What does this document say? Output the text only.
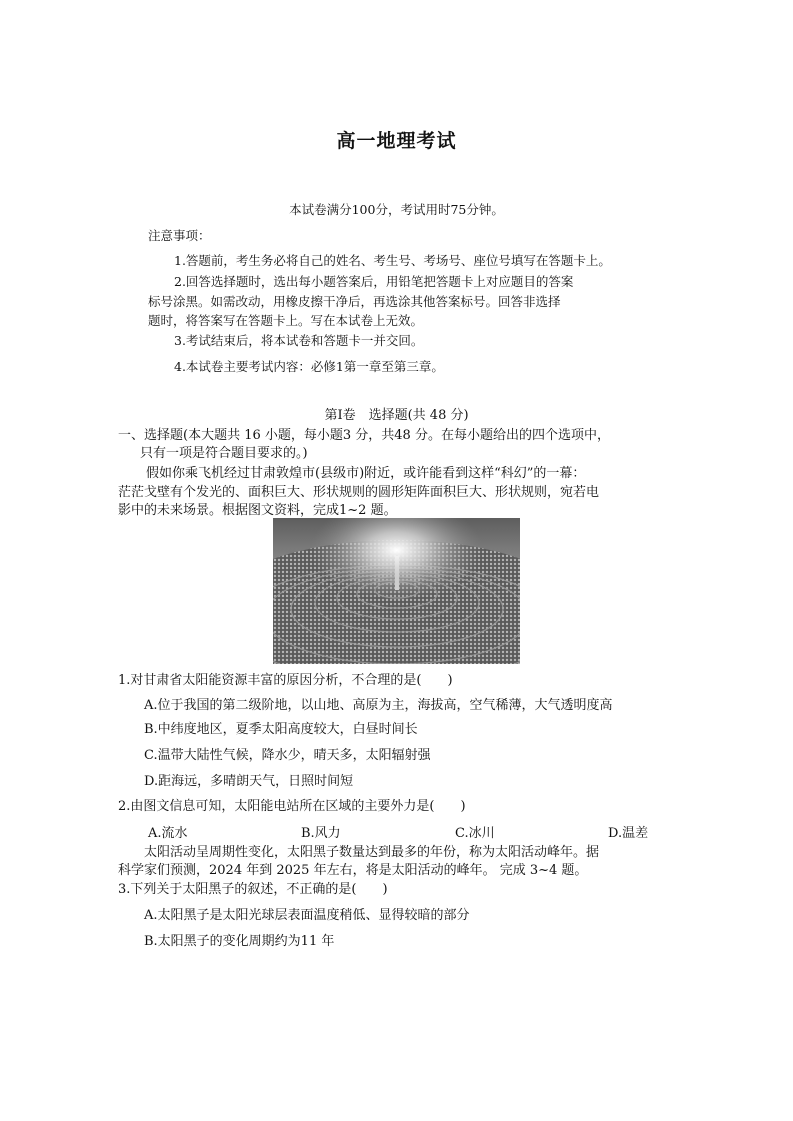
高一地理考试
本试卷满分100分，考试用时75分钟。
注意事项：
1.答题前，考生务必将自己的姓名、考生号、考场号、座位号填写在答题卡上。
2.回答选择题时，选出每小题答案后，用铅笔把答题卡上对应题目的答案
标号涂黑。如需改动，用橡皮擦干净后，再选涂其他答案标号。回答非选择
题时，将答案写在答题卡上。写在本试卷上无效。
3.考试结束后，将本试卷和答题卡一并交回。
4.本试卷主要考试内容：必修1第一章至第三章。
第Ⅰ卷　选择题(共 48 分)
一、选择题(本大题共 16 小题，每小题3 分，共48 分。在每小题给出的四个选项中，
只有一项是符合题目要求的。)
假如你乘飞机经过甘肃敦煌市(县级市)附近，或许能看到这样“科幻”的一幕：
茫茫戈壁有个发光的、面积巨大、形状规则的圆形矩阵面积巨大、形状规则，宛若电
影中的未来场景。根据图文资料，完成1~2 题。
1.对甘肃省太阳能资源丰富的原因分析，不合理的是(　　)
A.位于我国的第二级阶地，以山地、高原为主，海拔高，空气稀薄，大气透明度高
B.中纬度地区，夏季太阳高度较大，白昼时间长
C.温带大陆性气候，降水少，晴天多，太阳辐射强
D.距海远，多晴朗天气，日照时间短
2.由图文信息可知，太阳能电站所在区域的主要外力是(　　)
A.流水	B.风力	C.冰川	D.温差
太阳活动呈周期性变化，太阳黑子数量达到最多的年份，称为太阳活动峰年。据
科学家们预测，2024 年到 2025 年左右，将是太阳活动的峰年。 完成 3~4 题。
3.下列关于太阳黑子的叙述，不正确的是(　　)
A.太阳黑子是太阳光球层表面温度稍低、显得较暗的部分
B.太阳黑子的变化周期约为11 年
